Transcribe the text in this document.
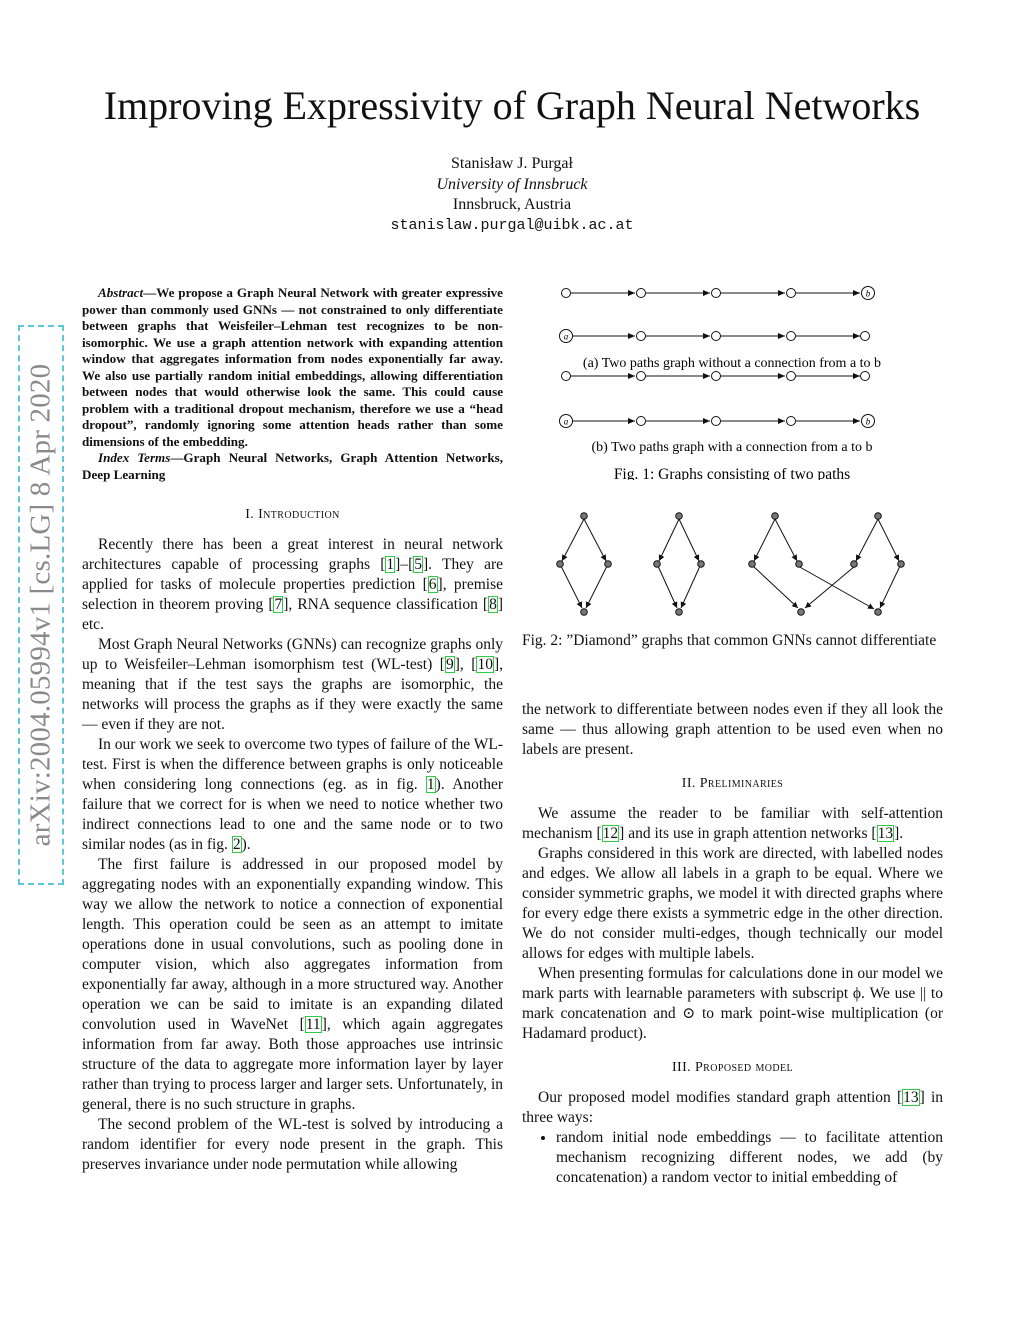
Improving Expressivity of Graph Neural Networks
Stanisław J. Purgał
University of Innsbruck
Innsbruck, Austria
stanislaw.purgal@uibk.ac.at
arXiv:2004.05994v1 [cs.LG] 8 Apr 2020

Abstract—We propose a Graph Neural Network with greater expressive power than commonly used GNNs — not constrained to only differentiate between graphs that Weisfeiler–Lehman test recognizes to be non-isomorphic. We use a graph attention network with expanding attention window that aggregates information from nodes exponentially far away. We also use partially random initial embeddings, allowing differentiation between nodes that would otherwise look the same. This could cause problem with a traditional dropout mechanism, therefore we use a “head dropout”, randomly ignoring some attention heads rather than some dimensions of the embedding.

Index Terms—Graph Neural Networks, Graph Attention Networks, Deep Learning

I. Introduction

Recently there has been a great interest in neural network architectures capable of processing graphs [1]–[5]. They are applied for tasks of molecule properties prediction [6], premise selection in theorem proving [7], RNA sequence classification [8] etc.

Most Graph Neural Networks (GNNs) can recognize graphs only up to Weisfeiler–Lehman isomorphism test (WL-test) [9], [10], meaning that if the test says the graphs are isomorphic, the networks will process the graphs as if they were exactly the same — even if they are not.

In our work we seek to overcome two types of failure of the WL-test. First is when the difference between graphs is only noticeable when considering long connections (eg. as in fig. 1). Another failure that we correct for is when we need to notice whether two indirect connections lead to one and the same node or to two similar nodes (as in fig. 2).

The first failure is addressed in our proposed model by aggregating nodes with an exponentially expanding window. This way we allow the network to notice a connection of exponential length. This operation could be seen as an attempt to imitate operations done in usual convolutions, such as pooling done in computer vision, which also aggregates information from exponentially far away, although in a more structured way. Another operation we can be said to imitate is an expanding dilated convolution used in WaveNet [11], which again aggregates information from far away. Both those approaches use intrinsic structure of the data to aggregate more information layer by layer rather than trying to process larger and larger sets. Unfortunately, in general, there is no such structure in graphs.

The second problem of the WL-test is solved by introducing a random identifier for every node present in the graph. This preserves invariance under node permutation while allowing

b
a
(a) Two paths graph without a connection from a to b
a	b
(b) Two paths graph with a connection from a to b
Fig. 1: Graphs consisting of two paths
Fig. 2: ”Diamond” graphs that common GNNs cannot differentiate

the network to differentiate between nodes even if they all look the same — thus allowing graph attention to be used even when no labels are present.

II. Preliminaries

We assume the reader to be familiar with self-attention mechanism [12] and its use in graph attention networks [13].

Graphs considered in this work are directed, with labelled nodes and edges. We allow all labels in a graph to be equal. Where we consider symmetric graphs, we model it with directed graphs where for every edge there exists a symmetric edge in the other direction. We do not consider multi-edges, though technically our model allows for edges with multiple labels.

When presenting formulas for calculations done in our model we mark parts with learnable parameters with subscript ϕ. We use || to mark concatenation and ⊙ to mark point-wise multiplication (or Hadamard product).

III. Proposed model

Our proposed model modifies standard graph attention [13] in three ways:

• random initial node embeddings — to facilitate attention mechanism recognizing different nodes, we add (by concatenation) a random vector to initial embedding of
